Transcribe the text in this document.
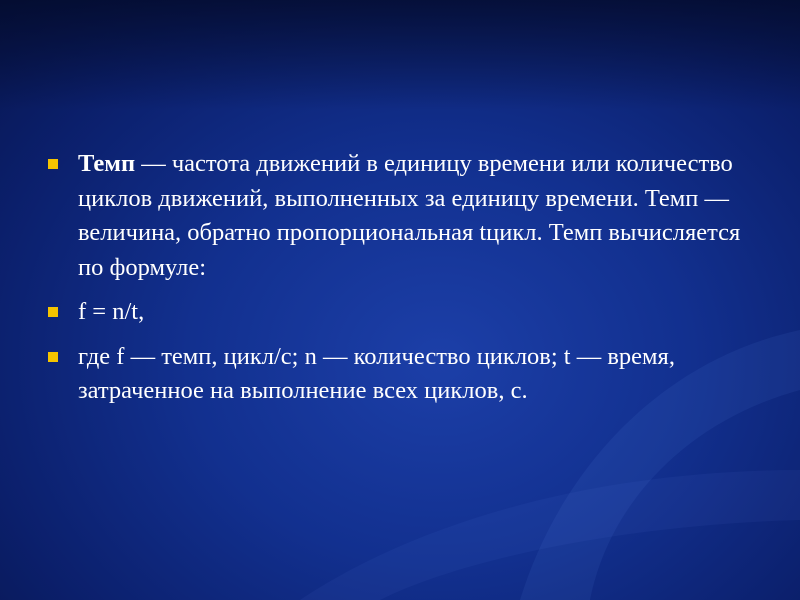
Темп — частота движений в единицу времени или количество циклов движений, выполненных за единицу времени. Темп — величина, обратно пропорциональная tцикл. Темп вычисляется по формуле:
f = n/t,
где f — темп, цикл/с; n — количество циклов; t — время, затраченное на выполнение всех циклов, с.
